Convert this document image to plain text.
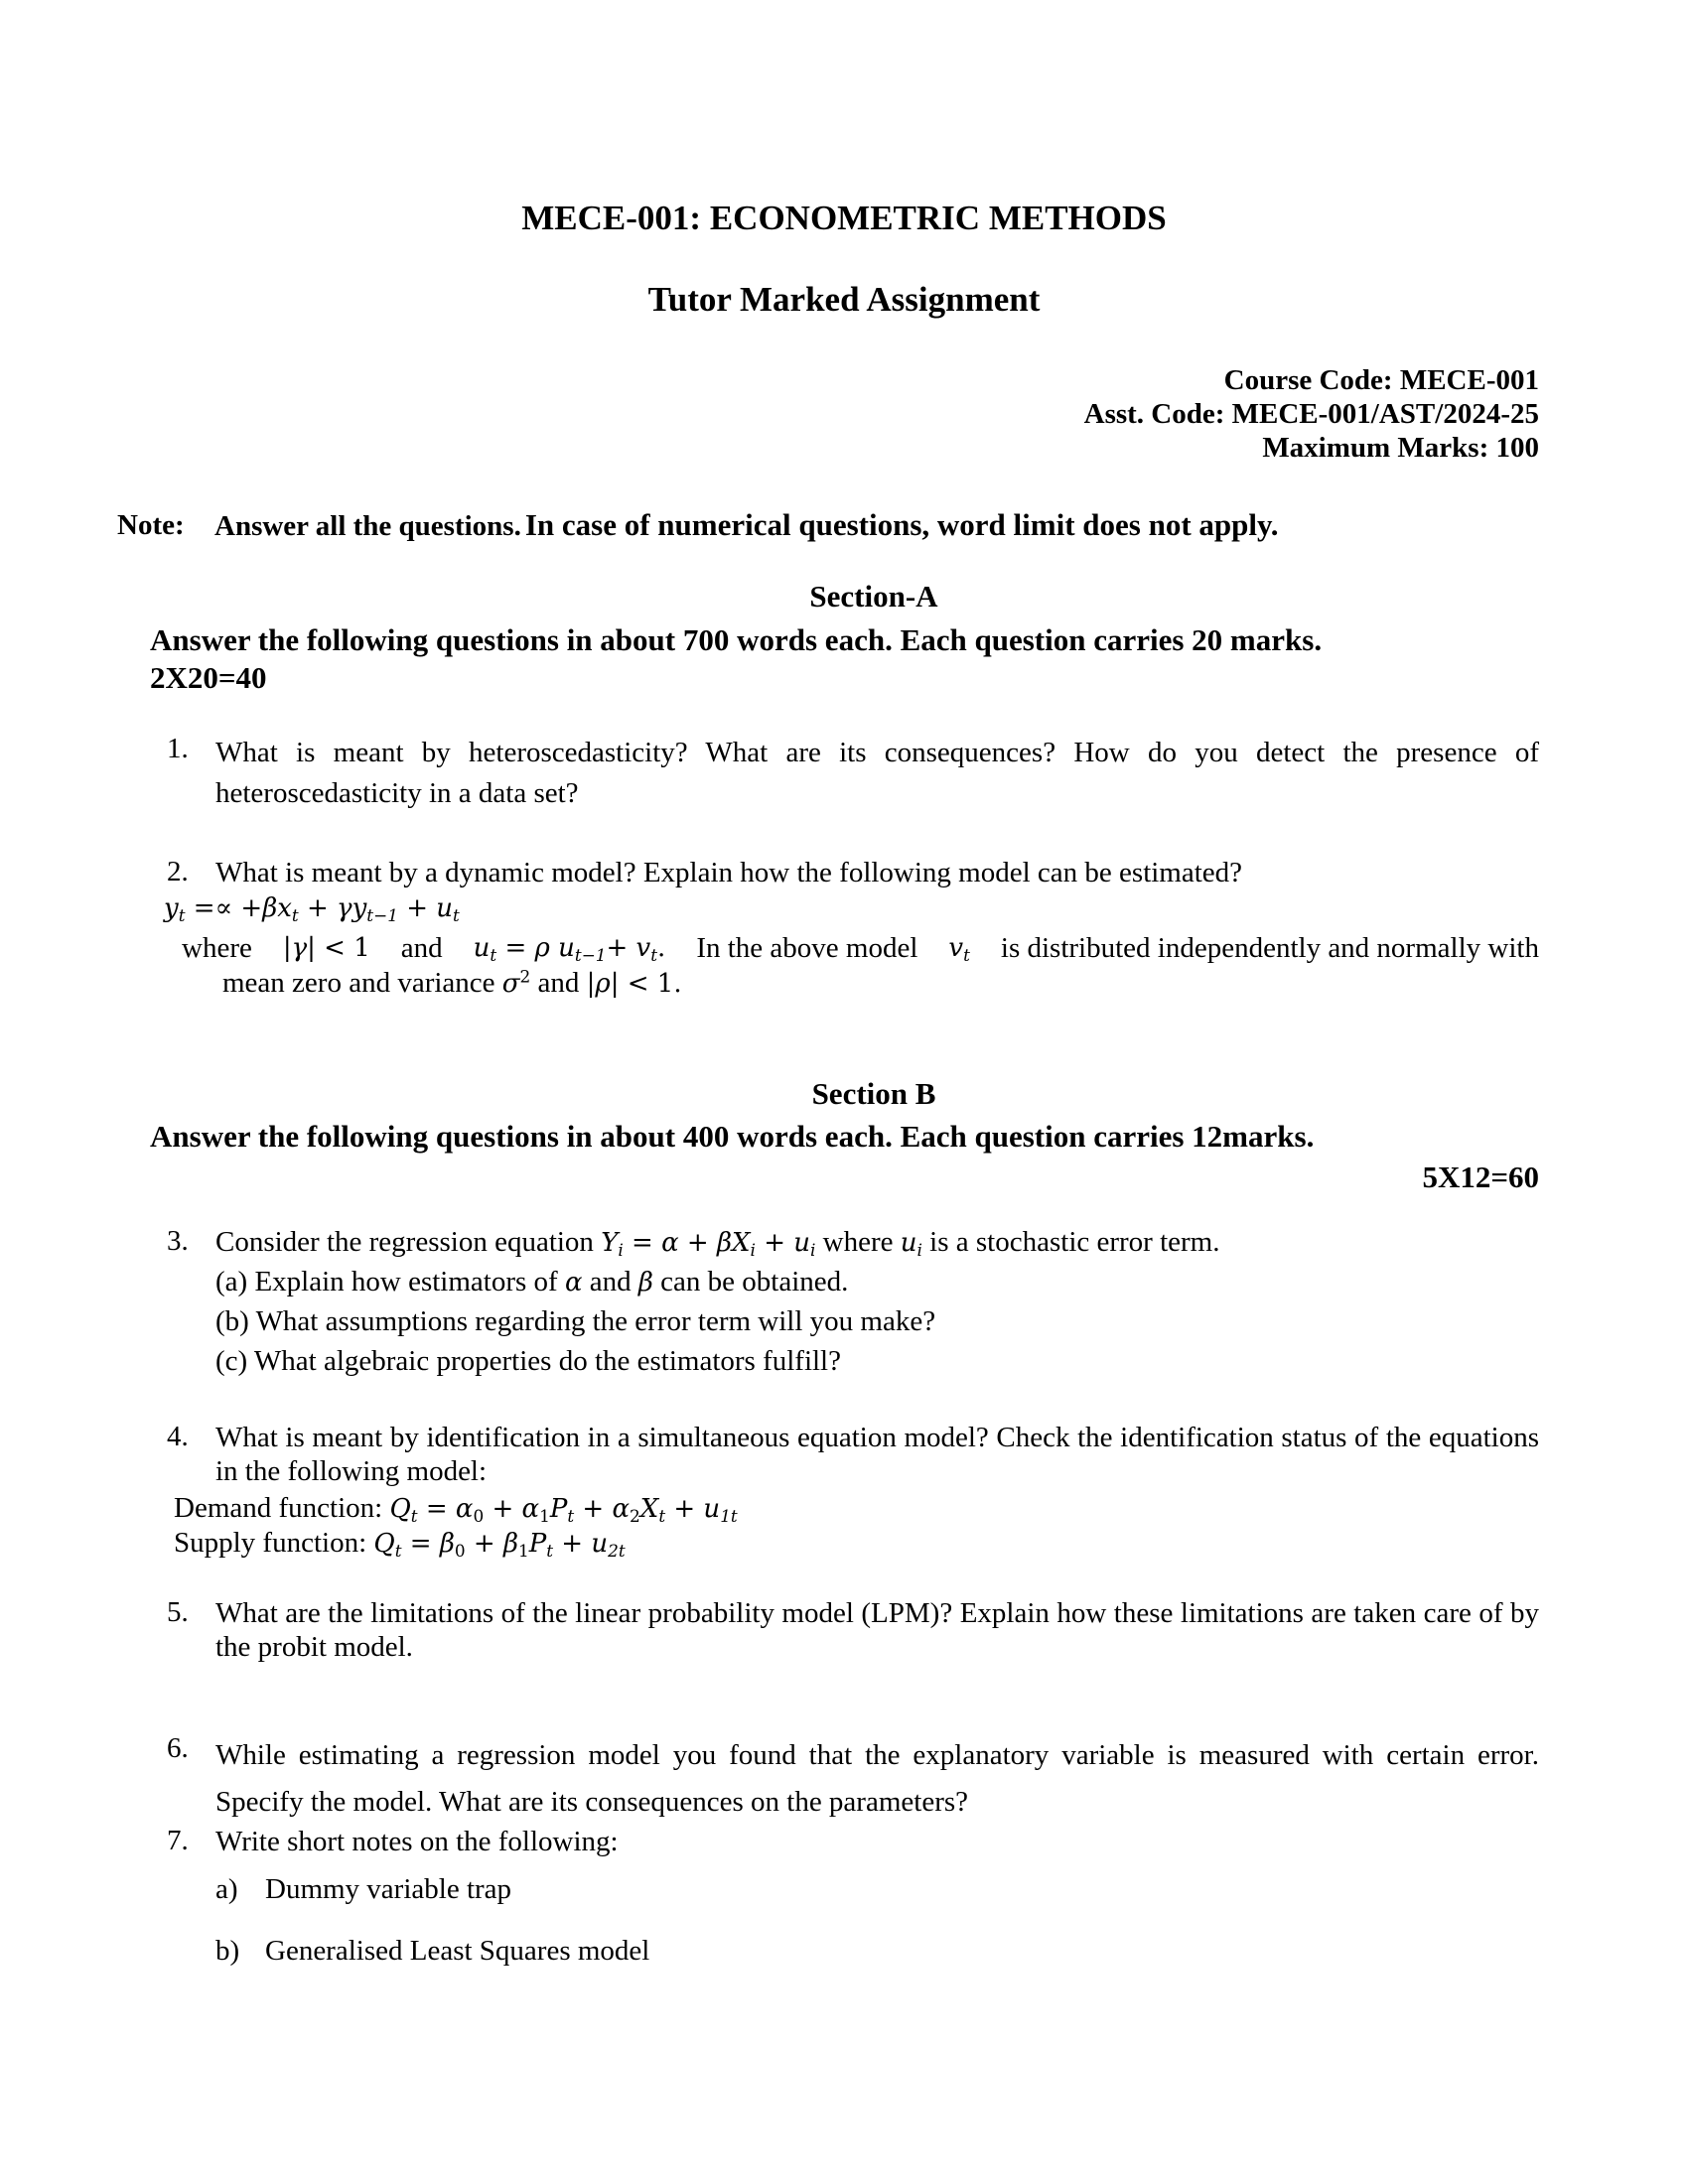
MECE-001: ECONOMETRIC METHODS
Tutor Marked Assignment
Course Code: MECE-001
Asst. Code: MECE-001/AST/2024-25
Maximum Marks: 100
Note: Answer all the questions. In case of numerical questions, word limit does not apply.
Section-A
Answer the following questions in about 700 words each. Each question carries 20 marks.
2X20=40
1. What is meant by heteroscedasticity? What are its consequences? How do you detect the presence of heteroscedasticity in a data set?
2. What is meant by a dynamic model? Explain how the following model can be estimated?
$y_t =\propto +\beta x_t + \gamma y_{t-1} + u_t$
where |γ| < 1 and $u_t = \rho$ $u_{t-1}+ v_t$. In the above model $v_t$ is distributed independently and normally with
mean zero and variance $\sigma^2$ and |ρ| < 1.
Section B
Answer the following questions in about 400 words each. Each question carries 12marks.
5X12=60
3. Consider the regression equation $Y_i = \alpha + \beta X_i + u_i$ where $u_i$ is a stochastic error term.
(a) Explain how estimators of α and β can be obtained.
(b) What assumptions regarding the error term will you make?
(c) What algebraic properties do the estimators fulfill?
4. What is meant by identification in a simultaneous equation model? Check the identification status of the equations in the following model:
Demand function: $Q_t = \alpha_0 + \alpha_1P_t + \alpha_2X_t + u_{1t}$
Supply function: $Q_t = \beta_0 + \beta_1P_t + u_{2t}$
5. What are the limitations of the linear probability model (LPM)? Explain how these limitations are taken care of by the probit model.
6. While estimating a regression model you found that the explanatory variable is measured with certain error. Specify the model. What are its consequences on the parameters?
7. Write short notes on the following:
a) Dummy variable trap
b) Generalised Least Squares model
